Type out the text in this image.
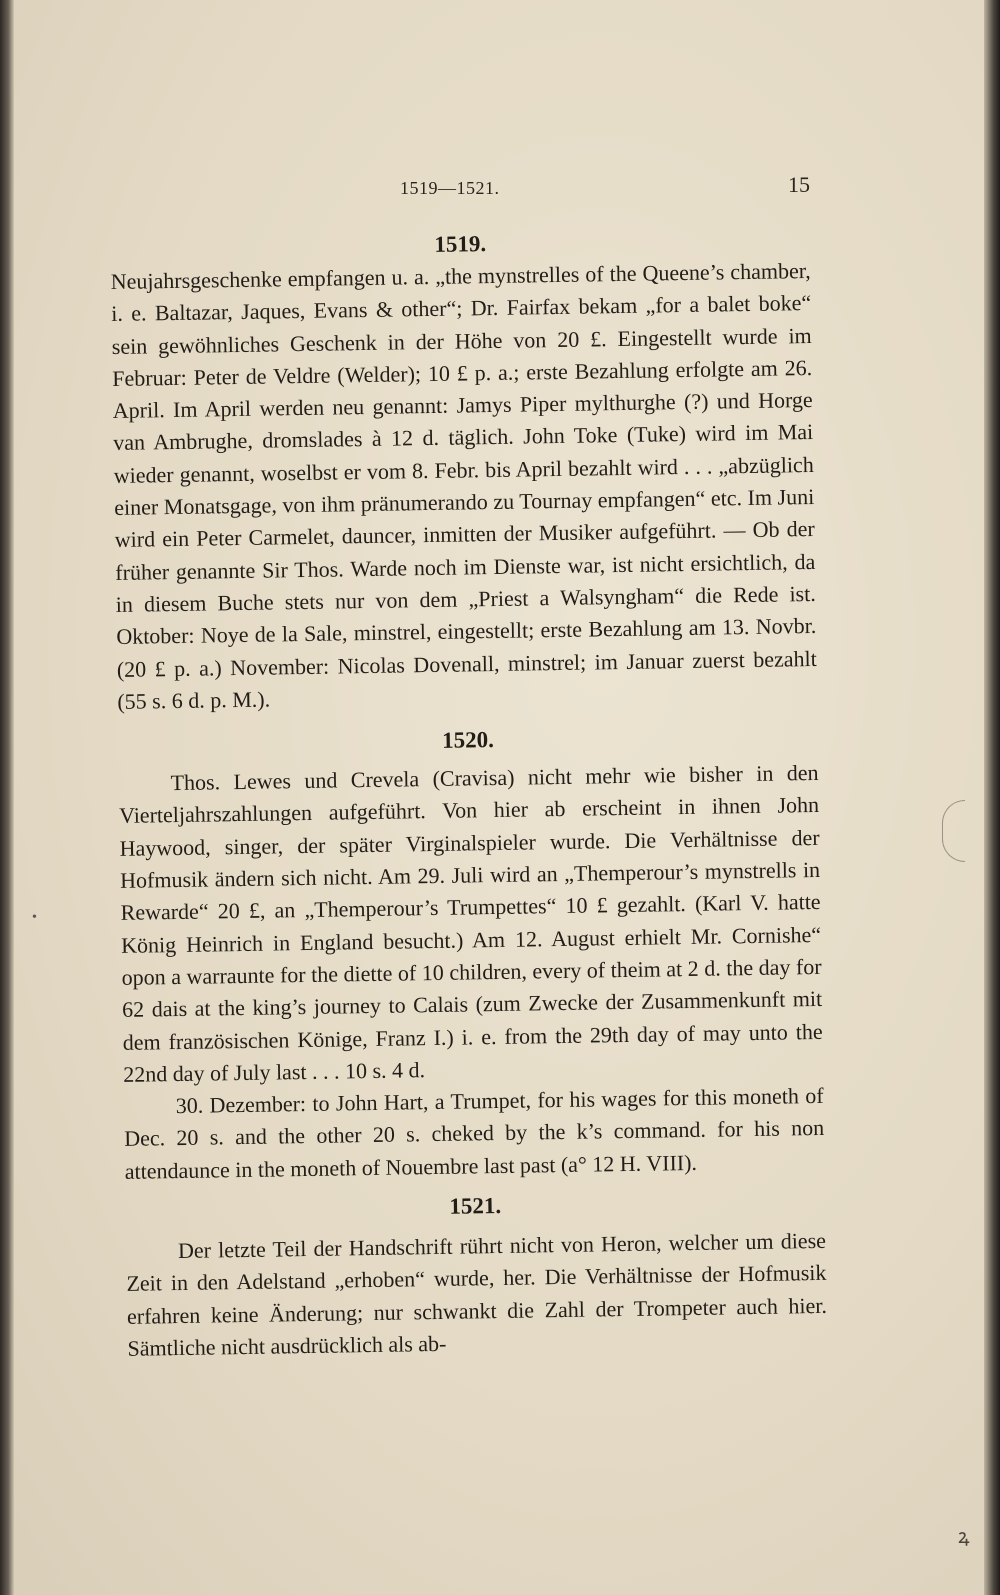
1519—1521.	15
1519.

Neujahrsgeschenke empfangen u. a. „the mynstrelles of the Queene’s chamber, i. e. Baltazar, Jaques, Evans & other“; Dr. Fairfax bekam „for a balet boke“ sein gewöhnliches Geschenk in der Höhe von 20 £. Eingestellt wurde im Februar: Peter de Veldre (Welder); 10 £ p. a.; erste Bezahlung erfolgte am 26. April. Im April werden neu genannt: Jamys Piper mylthurghe (?) und Horge van Ambrughe, dromslades à 12 d. täglich. John Toke (Tuke) wird im Mai wieder genannt, woselbst er vom 8. Febr. bis April bezahlt wird . . . „abzüglich einer Monatsgage, von ihm pränumerando zu Tournay empfangen“ etc. Im Juni wird ein Peter Carmelet, dauncer, inmitten der Musiker aufgeführt. — Ob der früher genannte Sir Thos. Warde noch im Dienste war, ist nicht ersichtlich, da in diesem Buche stets nur von dem „Priest a Walsyngham“ die Rede ist. Oktober: Noye de la Sale, minstrel, eingestellt; erste Bezahlung am 13. Novbr. (20 £ p. a.) November: Nicolas Dovenall, minstrel; im Januar zuerst bezahlt (55 s. 6 d. p. M.).

1520.

Thos. Lewes und Crevela (Cravisa) nicht mehr wie bisher in den Vierteljahrszahlungen aufgeführt. Von hier ab erscheint in ihnen John Haywood, singer, der später Virginalspieler wurde. Die Verhältnisse der Hofmusik ändern sich nicht. Am 29. Juli wird an „Themperour’s mynstrells in Rewarde“ 20 £, an „Themperour’s Trumpettes“ 10 £ gezahlt. (Karl V. hatte König Heinrich in England besucht.) Am 12. August erhielt Mr. Cornishe“ opon a warraunte for the diette of 10 children, every of theim at 2 d. the day for 62 dais at the king’s journey to Calais (zum Zwecke der Zusammenkunft mit dem französischen Könige, Franz I.) i. e. from the 29th day of may unto the 22nd day of July last . . . 10 s. 4 d.

30. Dezember: to John Hart, a Trumpet, for his wages for this moneth of Dec. 20 s. and the other 20 s. cheked by the k’s command. for his non attendaunce in the moneth of Nouembre last past (a° 12 H. VIII).

1521.

Der letzte Teil der Handschrift rührt nicht von Heron, welcher um diese Zeit in den Adelstand „erhoben“ wurde, her. Die Verhältnisse der Hofmusik erfahren keine Änderung; nur schwankt die Zahl der Trompeter auch hier. Sämtliche nicht ausdrücklich als ab-

•
ꝝ
